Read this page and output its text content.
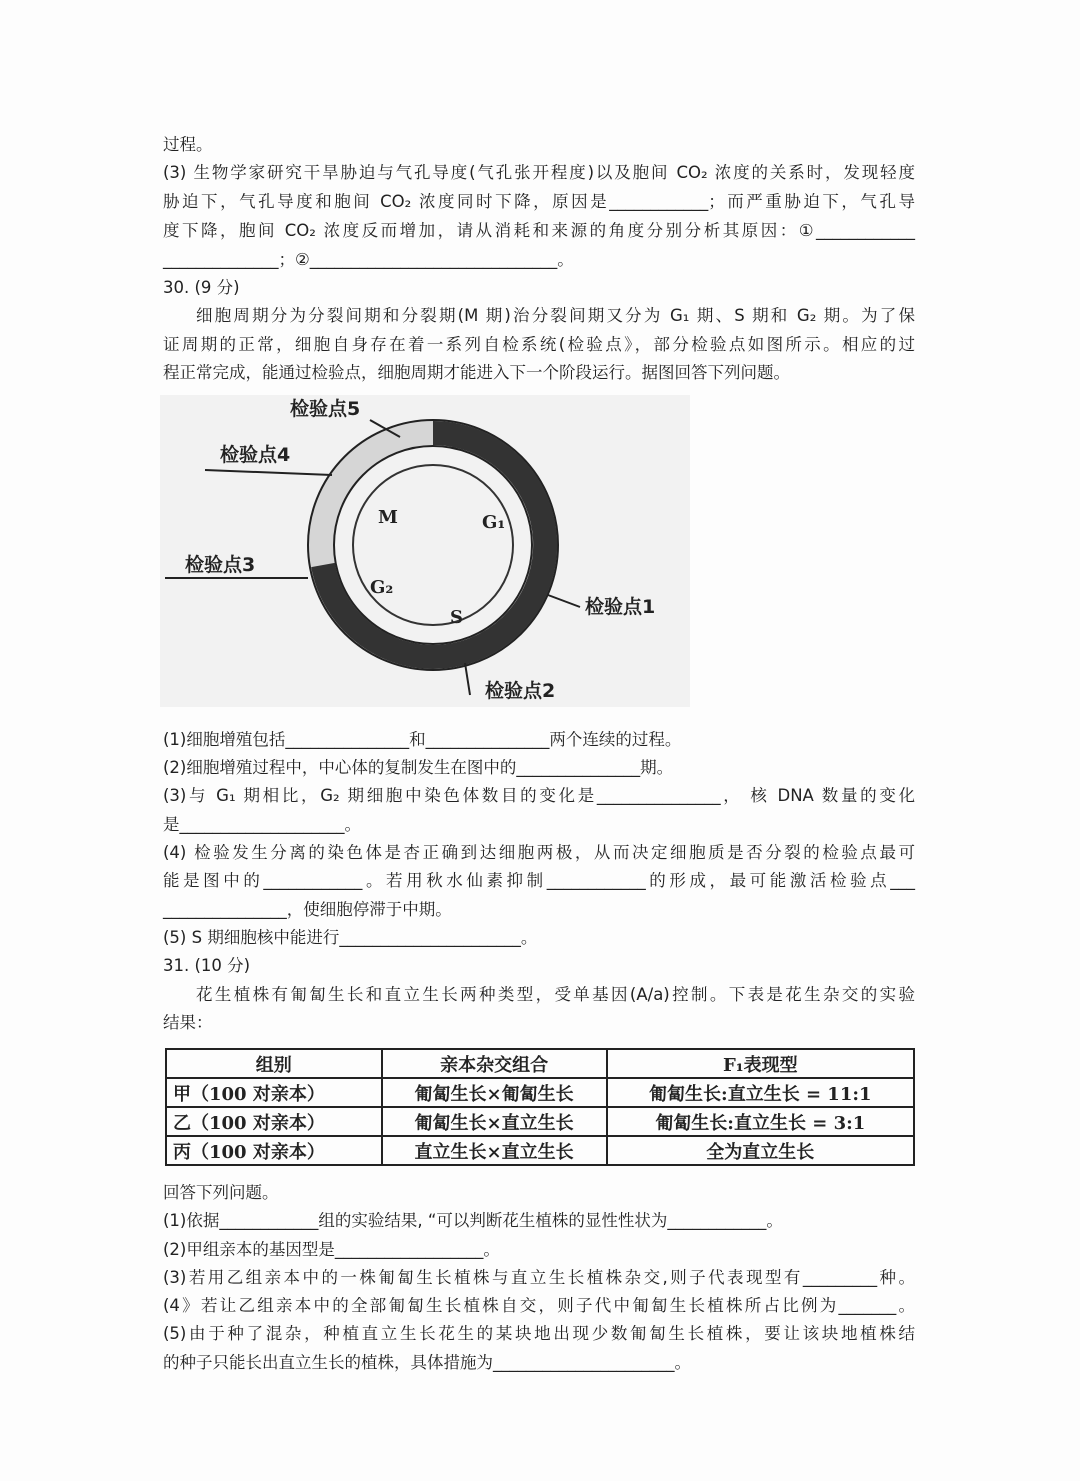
过程。
(3) 生物学家研究干旱胁迫与气孔导度(气孔张开程度)以及胞间 CO₂ 浓度的关系时，发现轻度
胁迫下，气孔导度和胞间 CO₂ 浓度同时下降，原因是____________；而严重胁迫下，气孔导
度下降，胞间 CO₂ 浓度反而增加，请从消耗和来源的角度分别分析其原因：①____________
______________；②______________________________。
30. (9 分)
细胞周期分为分裂间期和分裂期(M 期)治分裂间期又分为 G₁ 期、S 期和 G₂ 期。为了保
证周期的正常，细胞自身存在着一系列自检系统(检验点》，部分检验点如图所示。相应的过
程正常完成，能通过检验点，细胞周期才能进入下一个阶段运行。据图回答下列问题。
M	G₁
S
G₂
检验点5
检验点4
检验点3
检验点1
检验点2
(1)细胞增殖包括_______________和_______________两个连续的过程。
(2)细胞增殖过程中，中心体的复制发生在图中的_______________期。
(3)与 G₁ 期相比，G₂ 期细胞中染色体数目的变化是_______________， 核 DNA 数量的变化
是____________________。
(4) 检验发生分离的染色体是杏正确到达细胞两极，从而决定细胞质是否分裂的检验点最可
能是图中的____________。若用秋水仙素抑制____________的形成，最可能激活检验点___
_______________，使细胞停滞于中期。
(5) S 期细胞核中能进行______________________。
31. (10 分)
花生植株有匍匐生长和直立生长两种类型，受单基因(A/a)控制。下表是花生杂交的实验
结果：
组别	亲本杂交组合	F₁表现型
甲（100 对亲本）	匍匐生长×匍匐生长	匍匐生长:直立生长 = 11:1
乙（100 对亲本）	匍匐生长×直立生长	匍匐生长:直立生长 = 3:1
丙（100 对亲本）	直立生长×直立生长	全为直立生长
回答下列问题。
(1)依据____________组的实验结果, “可以判断花生植株的显性性状为____________。
(2)甲组亲本的基因型是__________________。
(3)若用乙组亲本中的一株匍匐生长植株与直立生长植株杂交,则子代表现型有_________种。
(4》若让乙组亲本中的全部匍匐生长植株自交，则子代中匍匐生长植株所占比例为_______。
(5)由于种了混杂，种植直立生长花生的某块地出现少数匍匐生长植株，要让该块地植株结
的种子只能长出直立生长的植株，具体措施为______________________。
